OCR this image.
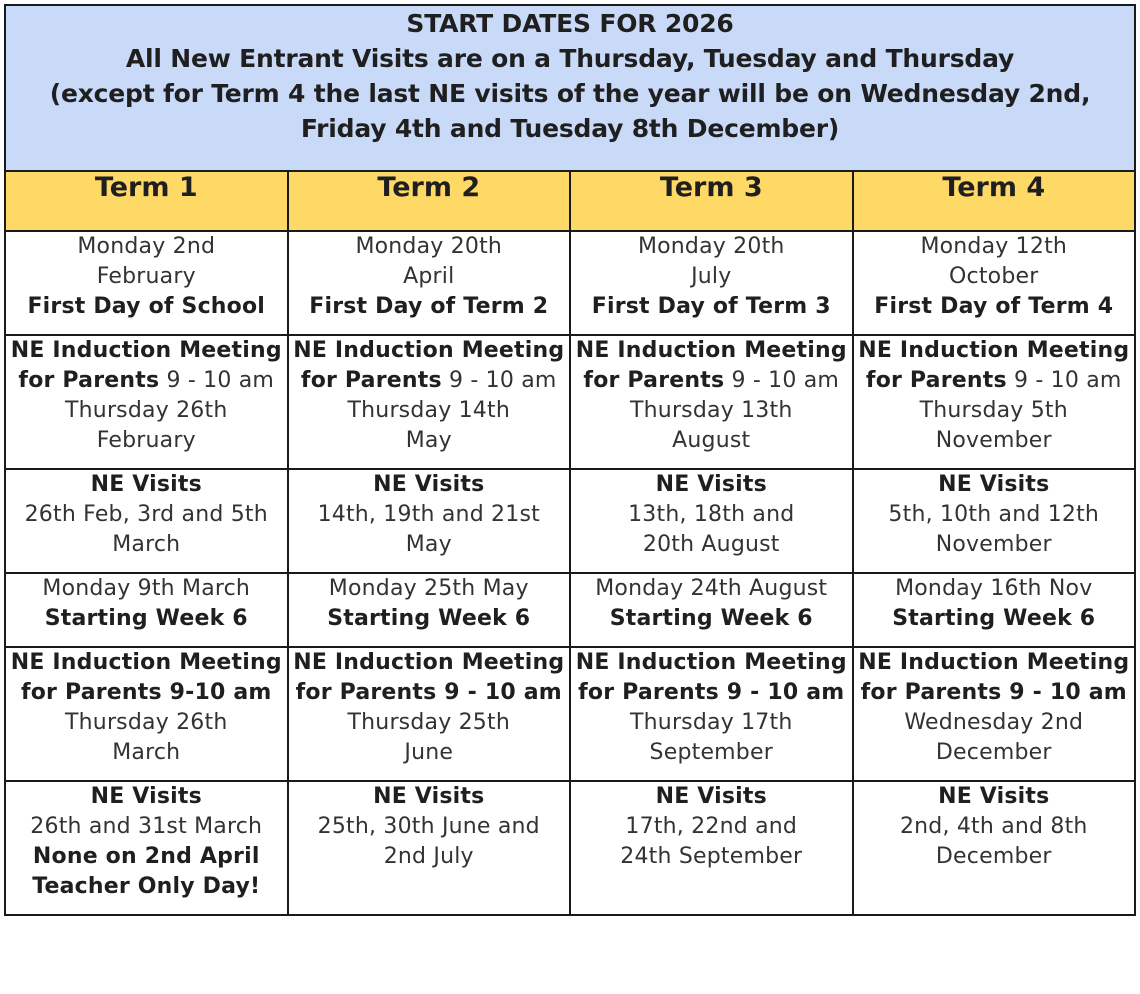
START DATES FOR 2026
All New Entrant Visits are on a Thursday, Tuesday and Thursday
(except for Term 4 the last NE visits of the year will be on Wednesday 2nd,
Friday 4th and Tuesday 8th December)			

Term 1	Term 2	Term 3	Term 4

Monday 2nd
February
First Day of School	Monday 20th
April
First Day of Term 2	Monday 20th
July
First Day of Term 3	Monday 12th
October
First Day of Term 4

NE Induction Meeting
for Parents 9 - 10 am
Thursday 26th
February	NE Induction Meeting
for Parents 9 - 10 am
Thursday 14th
May	NE Induction Meeting
for Parents 9 - 10 am
Thursday 13th
August	NE Induction Meeting
for Parents 9 - 10 am
Thursday 5th
November

NE Visits
26th Feb, 3rd and 5th
March	NE Visits
14th, 19th and 21st
May	NE Visits
13th, 18th and
20th August	NE Visits
5th, 10th and 12th
November

Monday 9th March
Starting Week 6	Monday 25th May
Starting Week 6	Monday 24th August
Starting Week 6	Monday 16th Nov
Starting Week 6

NE Induction Meeting
for Parents 9-10 am
Thursday 26th
March	NE Induction Meeting
for Parents 9 - 10 am
Thursday 25th
June	NE Induction Meeting
for Parents 9 - 10 am
Thursday 17th
September	NE Induction Meeting
for Parents 9 - 10 am
Wednesday 2nd
December

NE Visits
26th and 31st March
None on 2nd April
Teacher Only Day!	NE Visits
25th, 30th June and
2nd July	NE Visits
17th, 22nd and
24th September	NE Visits
2nd, 4th and 8th
December
